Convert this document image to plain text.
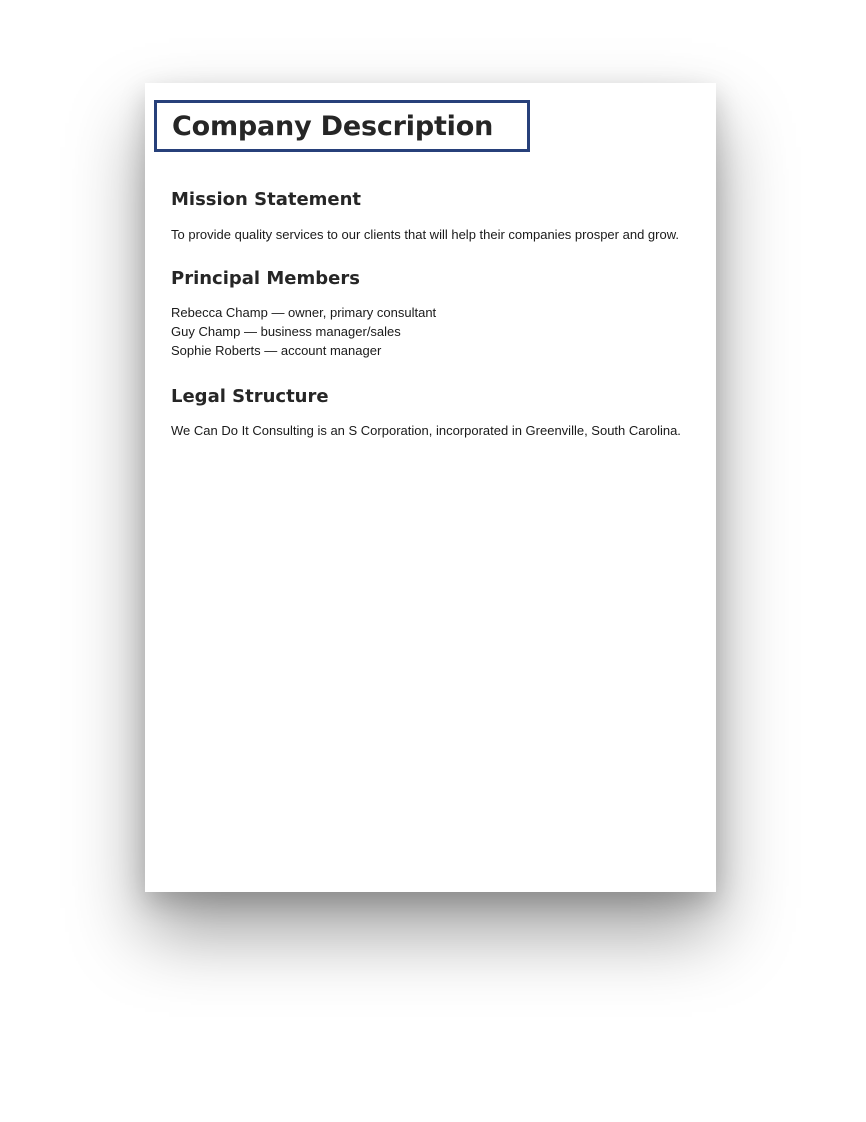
Company Description
Mission Statement

To provide quality services to our clients that will help their companies prosper and grow.

Principal Members
Rebecca Champ — owner, primary consultant
Guy Champ — business manager/sales
Sophie Roberts — account manager
Legal Structure

We Can Do It Consulting is an S Corporation, incorporated in Greenville, South Carolina.
